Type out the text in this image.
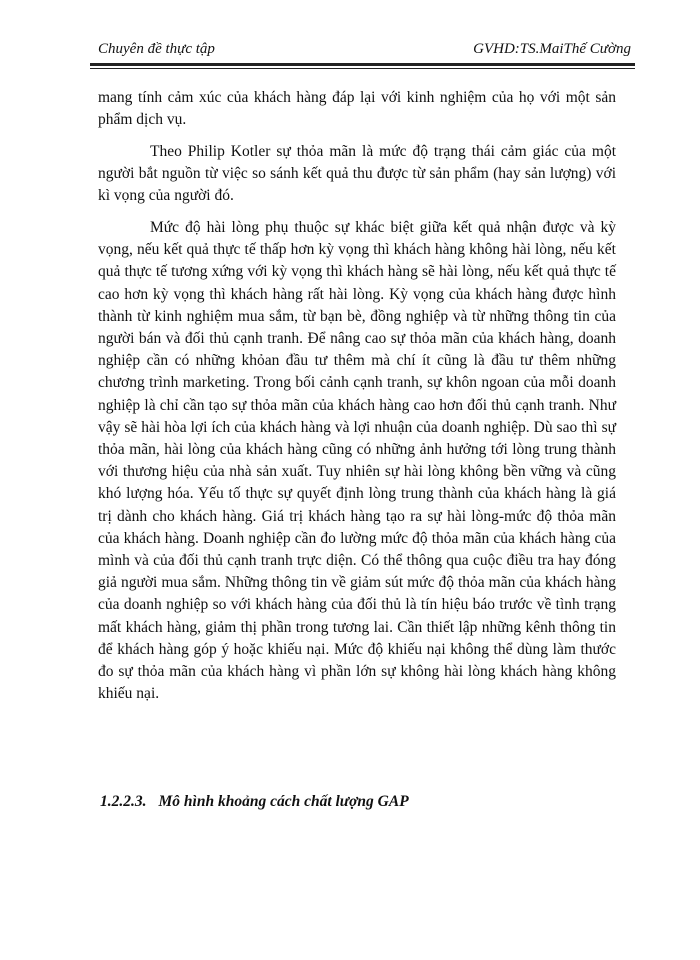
Chuyên đề thực tập	GVHD:TS.MaiThế Cường

mang tính cảm xúc của khách hàng đáp lại với kinh nghiệm của họ với một sản phẩm dịch vụ.

Theo Philip Kotler sự thỏa mãn là mức độ trạng thái cảm giác của một người bắt nguồn từ việc so sánh kết quả thu được từ sản phẩm (hay sản lượng) với kì vọng của người đó.

Mức độ hài lòng phụ thuộc sự khác biệt giữa kết quả nhận được và kỳ vọng, nếu kết quả thực tế thấp hơn kỳ vọng thì khách hàng không hài lòng, nếu kết quả thực tế tương xứng với kỳ vọng thì khách hàng sẽ hài lòng, nếu kết quả thực tế cao hơn kỳ vọng thì khách hàng rất hài lòng. Kỳ vọng của khách hàng được hình thành từ kinh nghiệm mua sắm, từ bạn bè, đồng nghiệp và từ những thông tin của người bán và đối thủ cạnh tranh. Để nâng cao sự thỏa mãn của khách hàng, doanh nghiệp cần có những khỏan đầu tư thêm mà chí ít cũng là đầu tư thêm những chương trình marketing. Trong bối cảnh cạnh tranh, sự khôn ngoan của mỗi doanh nghiệp là chỉ cần tạo sự thỏa mãn của khách hàng cao hơn đối thủ cạnh tranh. Như vậy sẽ hài hòa lợi ích của khách hàng và lợi nhuận của doanh nghiệp. Dù sao thì sự thỏa mãn, hài lòng của khách hàng cũng có những ảnh hưởng tới lòng trung thành với thương hiệu của nhà sản xuất. Tuy nhiên sự hài lòng không bền vững và cũng khó lượng hóa. Yếu tố thực sự quyết định lòng trung thành của khách hàng là giá trị dành cho khách hàng. Giá trị khách hàng tạo ra sự hài lòng-mức độ thỏa mãn của khách hàng. Doanh nghiệp cần đo lường mức độ thỏa mãn của khách hàng của mình và của đối thủ cạnh tranh trực diện. Có thể thông qua cuộc điều tra hay đóng giả người mua sắm. Những thông tin về giảm sút mức độ thỏa mãn của khách hàng của doanh nghiệp so với khách hàng của đối thủ là tín hiệu báo trước về tình trạng mất khách hàng, giảm thị phần trong tương lai. Cần thiết lập những kênh thông tin để khách hàng góp ý hoặc khiếu nại. Mức độ khiếu nại không thể dùng làm thước đo sự thỏa mãn của khách hàng vì phần lớn sự không hài lòng khách hàng không khiếu nại.

1.2.2.3. Mô hình khoảng cách chất lượng GAP
